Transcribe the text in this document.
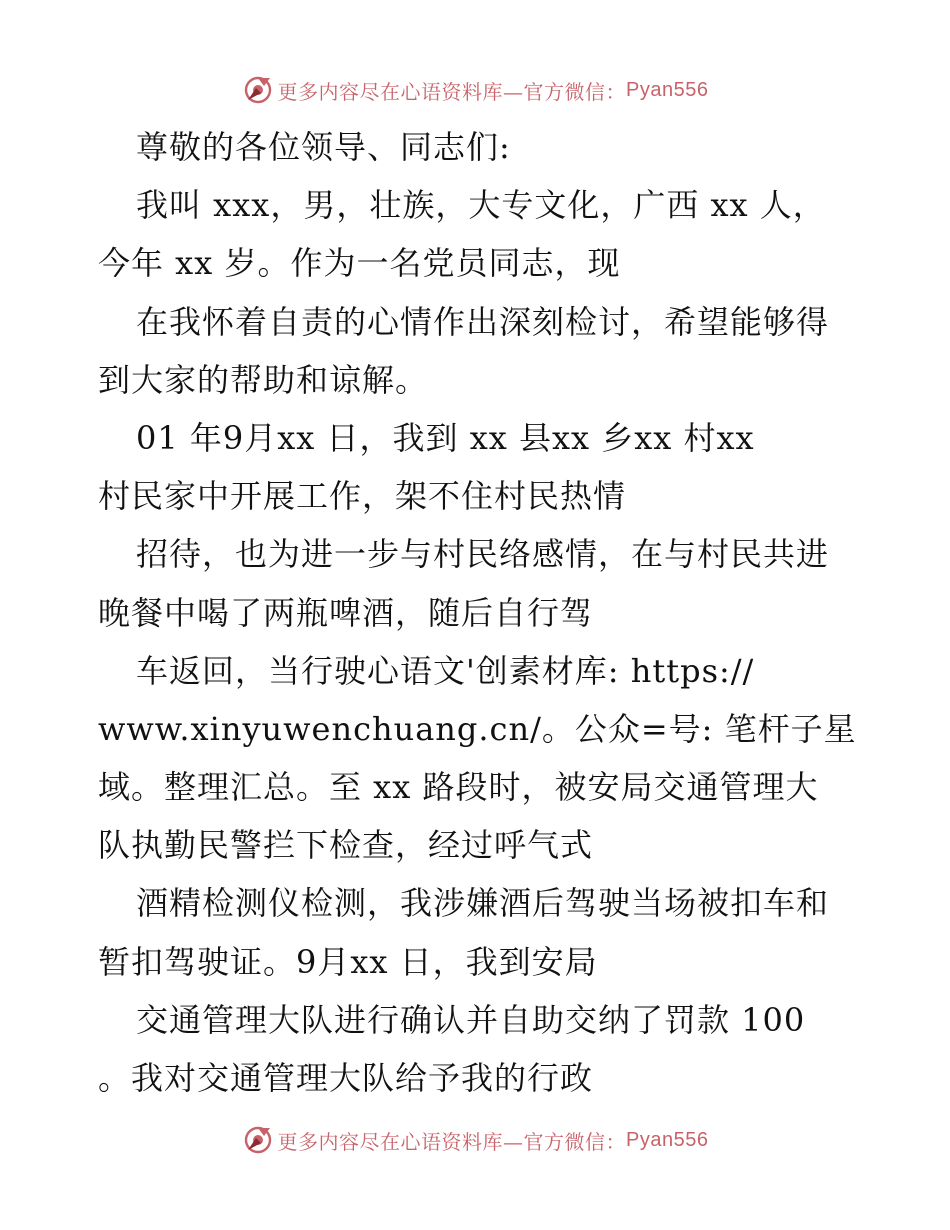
更多内容尽在心语资料库—官方微信： Pyan556
尊敬的各位领导、同志们:
我叫 xxx，男，壮族，大专文化，广西 xx 人，
今年 xx 岁。作为一名党员同志，现
在我怀着自责的心情作出深刻检讨，希望能够得
到大家的帮助和谅解。
01 年9月xx 日，我到 xx 县xx 乡xx 村xx
村民家中开展工作，架不住村民热情
招待，也为进一步与村民络感情，在与村民共进
晚餐中喝了两瓶啤酒，随后自行驾
车返回，当行驶心语文'创素材库: https://
www.xinyuwenchuang.cn/。公众=号: 笔杆子星
域。整理汇总。至 xx 路段时，被安局交通管理大
队执勤民警拦下检查，经过呼气式
酒精检测仪检测，我涉嫌酒后驾驶当场被扣车和
暂扣驾驶证。9月xx 日，我到安局
交通管理大队进行确认并自助交纳了罚款 100
。我对交通管理大队给予我的行政
更多内容尽在心语资料库—官方微信： Pyan556
